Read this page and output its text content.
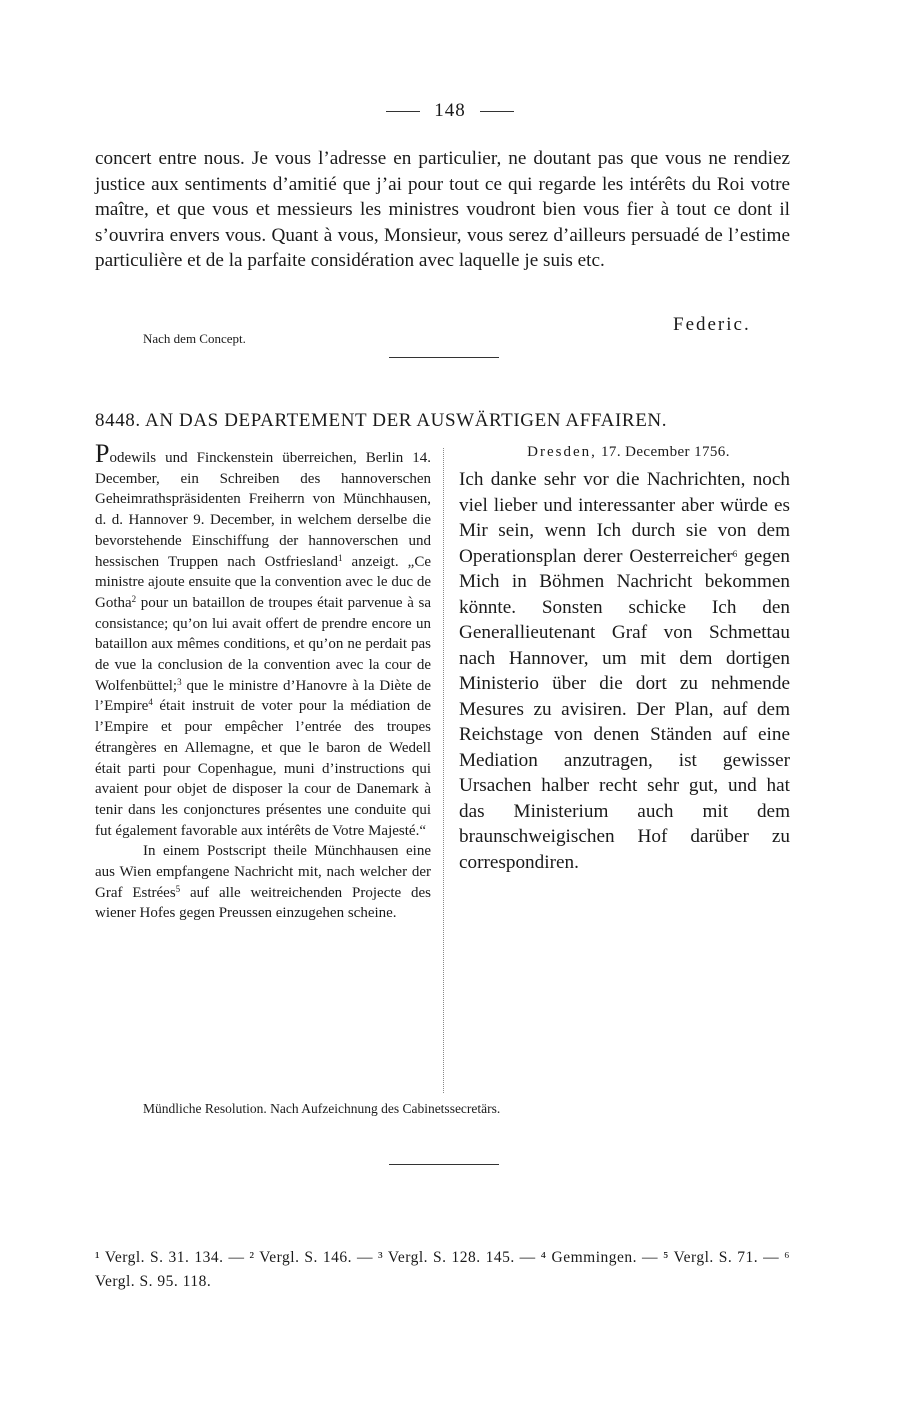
148
concert entre nous. Je vous l’adresse en particulier, ne doutant pas que vous ne rendiez justice aux sentiments d’amitié que j’ai pour tout ce qui regarde les intérêts du Roi votre maître, et que vous et messieurs les ministres voudront bien vous fier à tout ce dont il s’ouvrira envers vous. Quant à vous, Monsieur, vous serez d’ailleurs persuadé de l’estime particulière et de la parfaite considération avec laquelle je suis etc.
Federic.
Nach dem Concept.
8448. AN DAS DEPARTEMENT DER AUSWÄRTIGEN AFFAIREN.

Podewils und Finckenstein überreichen, Berlin 14. December, ein Schreiben des hannoverschen Geheimrathspräsidenten Freiherrn von Münchhausen, d. d. Hannover 9. December, in welchem derselbe die bevorstehende Einschiffung der hannoverschen und hessischen Truppen nach Ostfriesland$^1$ anzeigt. „Ce ministre ajoute ensuite que la convention avec le duc de Gotha$^2$ pour un bataillon de troupes était parvenue à sa consistance; qu’on lui avait offert de prendre encore un bataillon aux mêmes conditions, et qu’on ne perdait pas de vue la conclusion de la convention avec la cour de Wolfenbüttel;$^3$ que le ministre d’Hanovre à la Diète de l’Empire$^4$ était instruit de voter pour la médiation de l’Empire et pour empêcher l’entrée des troupes étrangères en Allemagne, et que le baron de Wedell était parti pour Copenhague, muni d’instructions qui avaient pour objet de disposer la cour de Danemark à tenir dans les conjonctures présentes une conduite qui fut également favorable aux intérêts de Votre Majesté.“

In einem Postscript theile Münchhausen eine aus Wien empfangene Nachricht mit, nach welcher der Graf Estrées$^5$ auf alle weitreichenden Projecte des wiener Hofes gegen Preussen einzugehen scheine.

Dresden, 17. December 1756.
Ich danke sehr vor die Nachrichten, noch viel lieber und interessanter aber würde es Mir sein, wenn Ich durch sie von dem Operationsplan derer Oesterreicher$^6$ gegen Mich in Böhmen Nachricht bekommen könnte. Sonsten schicke Ich den Generallieutenant Graf von Schmettau nach Hannover, um mit dem dortigen Ministerio über die dort zu nehmende Mesures zu avisiren. Der Plan, auf dem Reichstage von denen Ständen auf eine Mediation anzutragen, ist gewisser Ursachen halber recht sehr gut, und hat das Ministerium auch mit dem braunschweigischen Hof darüber zu correspondiren.
Mündliche Resolution. Nach Aufzeichnung des Cabinetssecretärs.
¹ Vergl. S. 31. 134. — ² Vergl. S. 146. — ³ Vergl. S. 128. 145. — ⁴ Gemmingen. — ⁵ Vergl. S. 71. — ⁶ Vergl. S. 95. 118.
